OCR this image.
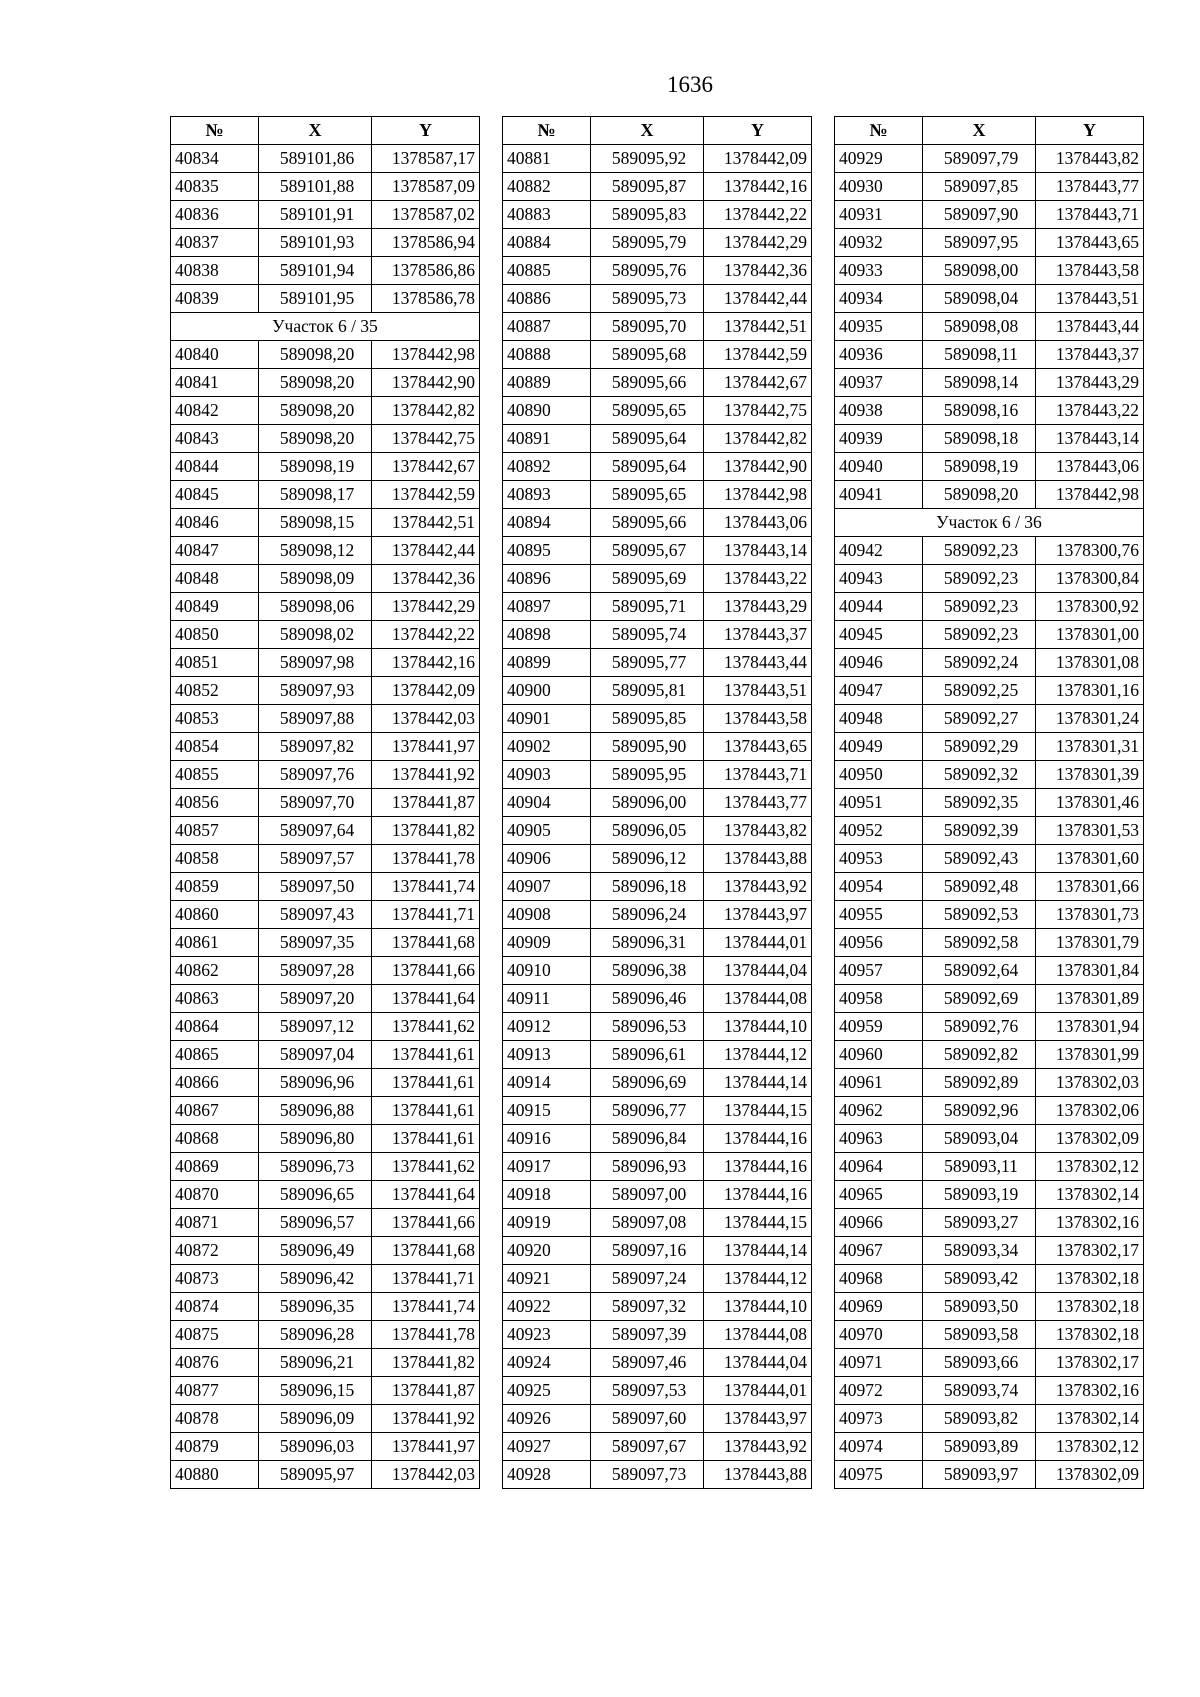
1636
№	X	Y
40834	589101,86	1378587,17
40835	589101,88	1378587,09
40836	589101,91	1378587,02
40837	589101,93	1378586,94
40838	589101,94	1378586,86
40839	589101,95	1378586,78
Участок 6 / 35		
40840	589098,20	1378442,98
40841	589098,20	1378442,90
40842	589098,20	1378442,82
40843	589098,20	1378442,75
40844	589098,19	1378442,67
40845	589098,17	1378442,59
40846	589098,15	1378442,51
40847	589098,12	1378442,44
40848	589098,09	1378442,36
40849	589098,06	1378442,29
40850	589098,02	1378442,22
40851	589097,98	1378442,16
40852	589097,93	1378442,09
40853	589097,88	1378442,03
40854	589097,82	1378441,97
40855	589097,76	1378441,92
40856	589097,70	1378441,87
40857	589097,64	1378441,82
40858	589097,57	1378441,78
40859	589097,50	1378441,74
40860	589097,43	1378441,71
40861	589097,35	1378441,68
40862	589097,28	1378441,66
40863	589097,20	1378441,64
40864	589097,12	1378441,62
40865	589097,04	1378441,61
40866	589096,96	1378441,61
40867	589096,88	1378441,61
40868	589096,80	1378441,61
40869	589096,73	1378441,62
40870	589096,65	1378441,64
40871	589096,57	1378441,66
40872	589096,49	1378441,68
40873	589096,42	1378441,71
40874	589096,35	1378441,74
40875	589096,28	1378441,78
40876	589096,21	1378441,82
40877	589096,15	1378441,87
40878	589096,09	1378441,92
40879	589096,03	1378441,97
40880	589095,97	1378442,03
№	X	Y
40881	589095,92	1378442,09
40882	589095,87	1378442,16
40883	589095,83	1378442,22
40884	589095,79	1378442,29
40885	589095,76	1378442,36
40886	589095,73	1378442,44
40887	589095,70	1378442,51
40888	589095,68	1378442,59
40889	589095,66	1378442,67
40890	589095,65	1378442,75
40891	589095,64	1378442,82
40892	589095,64	1378442,90
40893	589095,65	1378442,98
40894	589095,66	1378443,06
40895	589095,67	1378443,14
40896	589095,69	1378443,22
40897	589095,71	1378443,29
40898	589095,74	1378443,37
40899	589095,77	1378443,44
40900	589095,81	1378443,51
40901	589095,85	1378443,58
40902	589095,90	1378443,65
40903	589095,95	1378443,71
40904	589096,00	1378443,77
40905	589096,05	1378443,82
40906	589096,12	1378443,88
40907	589096,18	1378443,92
40908	589096,24	1378443,97
40909	589096,31	1378444,01
40910	589096,38	1378444,04
40911	589096,46	1378444,08
40912	589096,53	1378444,10
40913	589096,61	1378444,12
40914	589096,69	1378444,14
40915	589096,77	1378444,15
40916	589096,84	1378444,16
40917	589096,93	1378444,16
40918	589097,00	1378444,16
40919	589097,08	1378444,15
40920	589097,16	1378444,14
40921	589097,24	1378444,12
40922	589097,32	1378444,10
40923	589097,39	1378444,08
40924	589097,46	1378444,04
40925	589097,53	1378444,01
40926	589097,60	1378443,97
40927	589097,67	1378443,92
40928	589097,73	1378443,88
№	X	Y
40929	589097,79	1378443,82
40930	589097,85	1378443,77
40931	589097,90	1378443,71
40932	589097,95	1378443,65
40933	589098,00	1378443,58
40934	589098,04	1378443,51
40935	589098,08	1378443,44
40936	589098,11	1378443,37
40937	589098,14	1378443,29
40938	589098,16	1378443,22
40939	589098,18	1378443,14
40940	589098,19	1378443,06
40941	589098,20	1378442,98
Участок 6 / 36		
40942	589092,23	1378300,76
40943	589092,23	1378300,84
40944	589092,23	1378300,92
40945	589092,23	1378301,00
40946	589092,24	1378301,08
40947	589092,25	1378301,16
40948	589092,27	1378301,24
40949	589092,29	1378301,31
40950	589092,32	1378301,39
40951	589092,35	1378301,46
40952	589092,39	1378301,53
40953	589092,43	1378301,60
40954	589092,48	1378301,66
40955	589092,53	1378301,73
40956	589092,58	1378301,79
40957	589092,64	1378301,84
40958	589092,69	1378301,89
40959	589092,76	1378301,94
40960	589092,82	1378301,99
40961	589092,89	1378302,03
40962	589092,96	1378302,06
40963	589093,04	1378302,09
40964	589093,11	1378302,12
40965	589093,19	1378302,14
40966	589093,27	1378302,16
40967	589093,34	1378302,17
40968	589093,42	1378302,18
40969	589093,50	1378302,18
40970	589093,58	1378302,18
40971	589093,66	1378302,17
40972	589093,74	1378302,16
40973	589093,82	1378302,14
40974	589093,89	1378302,12
40975	589093,97	1378302,09
